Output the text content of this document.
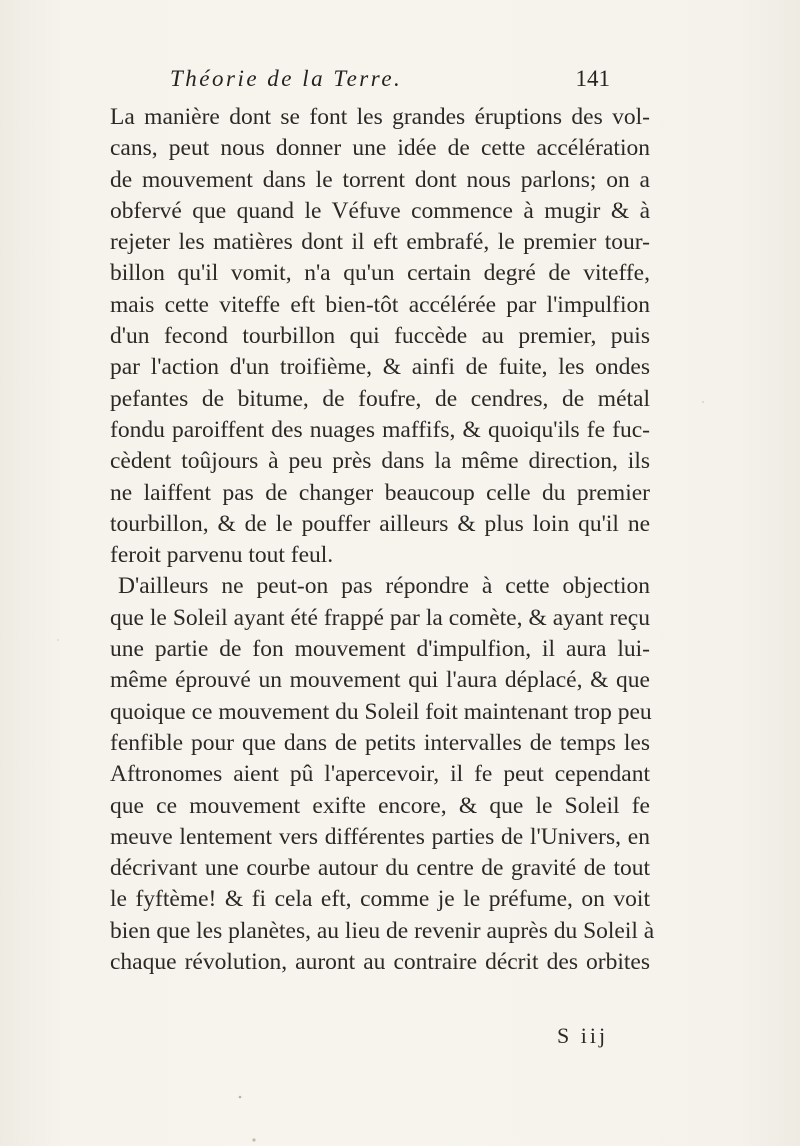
Théorie de la Terre.	141
La manière dont se font les grandes éruptions des vol-
cans, peut nous donner une idée de cette accélération
de mouvement dans le torrent dont nous parlons; on a
obfervé que quand le Véfuve commence à mugir & à
rejeter les matières dont il eft embrafé, le premier tour-
billon qu'il vomit, n'a qu'un certain degré de viteffe,
mais cette viteffe eft bien-tôt accélérée par l'impulfion
d'un fecond tourbillon qui fuccède au premier, puis
par l'action d'un troifième, & ainfi de fuite, les ondes
pefantes de bitume, de foufre, de cendres, de métal
fondu paroiffent des nuages maffifs, & quoiqu'ils fe fuc-
cèdent toûjours à peu près dans la même direction, ils
ne laiffent pas de changer beaucoup celle du premier
tourbillon, & de le pouffer ailleurs & plus loin qu'il ne
feroit parvenu tout feul.
D'ailleurs ne peut-on pas répondre à cette objection
que le Soleil ayant été frappé par la comète, & ayant reçu
une partie de fon mouvement d'impulfion, il aura lui-
même éprouvé un mouvement qui l'aura déplacé, & que
quoique ce mouvement du Soleil foit maintenant trop peu
fenfible pour que dans de petits intervalles de temps les
Aftronomes aient pû l'apercevoir, il fe peut cependant
que ce mouvement exifte encore, & que le Soleil fe
meuve lentement vers différentes parties de l'Univers, en
décrivant une courbe autour du centre de gravité de tout
le fyftème! & fi cela eft, comme je le préfume, on voit
bien que les planètes, au lieu de revenir auprès du Soleil à
chaque révolution, auront au contraire décrit des orbites
S iij
